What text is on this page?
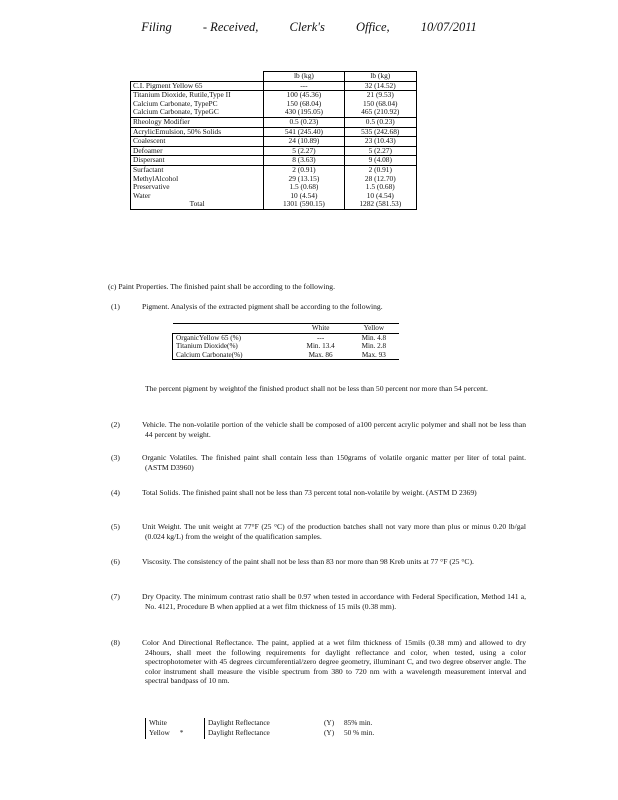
Filing - Received, Clerk's Office, 10/07/2011
	lb (kg)	lb (kg)
C.I. Pigment Yellow 65	---	32 (14.52)
Titanium Dioxide, Rutile,Type II	100 (45.36)	21 (9.53)
Calcium Carbonate, TypePC	150 (68.04)	150 (68.04)
Calcium Carbonate, TypeGC	430 (195.05)	465 (210.92)
Rheology Modifier	0.5 (0.23)	0.5 (0.23)
AcrylicEmulsion, 50% Solids	541 (245.40)	535 (242.68)
Coalescent	24 (10.89)	23 (10.43)
Defoamer	5 (2.27)	5 (2.27)
Dispersant	8 (3.63)	9 (4.08)
Surfactant	2 (0.91)	2 (0.91)
MethylAlcohol	29 (13.15)	28 (12.70)
Preservative	1.5 (0.68)	1.5 (0.68)
Water	10 (4.54)	10 (4.54)
Total	1301 (590.15)	1282 (581.53)
(c) Paint Properties. The finished paint shall be according to the following.
(1)	Pigment. Analysis of the extracted pigment shall be according to the following.
	White	Yellow
OrganicYellow 65 (%)	---	Min. 4.8
Titanium Dioxide(%)	Min. 13.4	Min. 2.8
Calcium Carbonate(%)	Max. 86	Max. 93
The percent pigment by weightof the finished product shall not be less than 50 percent nor more than 54 percent.
(2)	Vehicle. The non-volatile portion of the vehicle shall be composed of a100 percent acrylic polymer and shall not be less than 44 percent by weight.
(3)	Organic Volatiles. The finished paint shall contain less than 150grams of volatile organic matter per liter of total paint. (ASTM D3960)
(4)	Total Solids. The finished paint shall not be less than 73 percent total non-volatile by weight. (ASTM D 2369)
(5)	Unit Weight. The unit weight at 77°F (25 °C) of the production batches shall not vary more than plus or minus 0.20 lb/gal (0.024 kg/L) from the weight of the qualification samples.
(6)	Viscosity. The consistency of the paint shall not be less than 83 nor more than 98 Kreb units at 77 °F (25 °C).
(7)	Dry Opacity. The minimum contrast ratio shall be 0.97 when tested in accordance with Federal Specification, Method 141 a, No. 4121, Procedure B when applied at a wet film thickness of 15 mils (0.38 mm).
(8)	Color And Directional Reflectance. The paint, applied at a wet film thickness of 15mils (0.38 mm) and allowed to dry 24hours, shall meet the following requirements for daylight reflectance and color, when tested, using a color spectrophotometer with 45 degrees circumferential/zero degree geometry, illuminant C, and two degree observer angle. The color instrument shall measure the visible spectrum from 380 to 720 nm with a wavelength measurement interval and spectral bandpass of 10 nm.
White	Daylight Reflectance	(Y)	85% min.
Yellow *	Daylight Reflectance	(Y)	50 % min.
